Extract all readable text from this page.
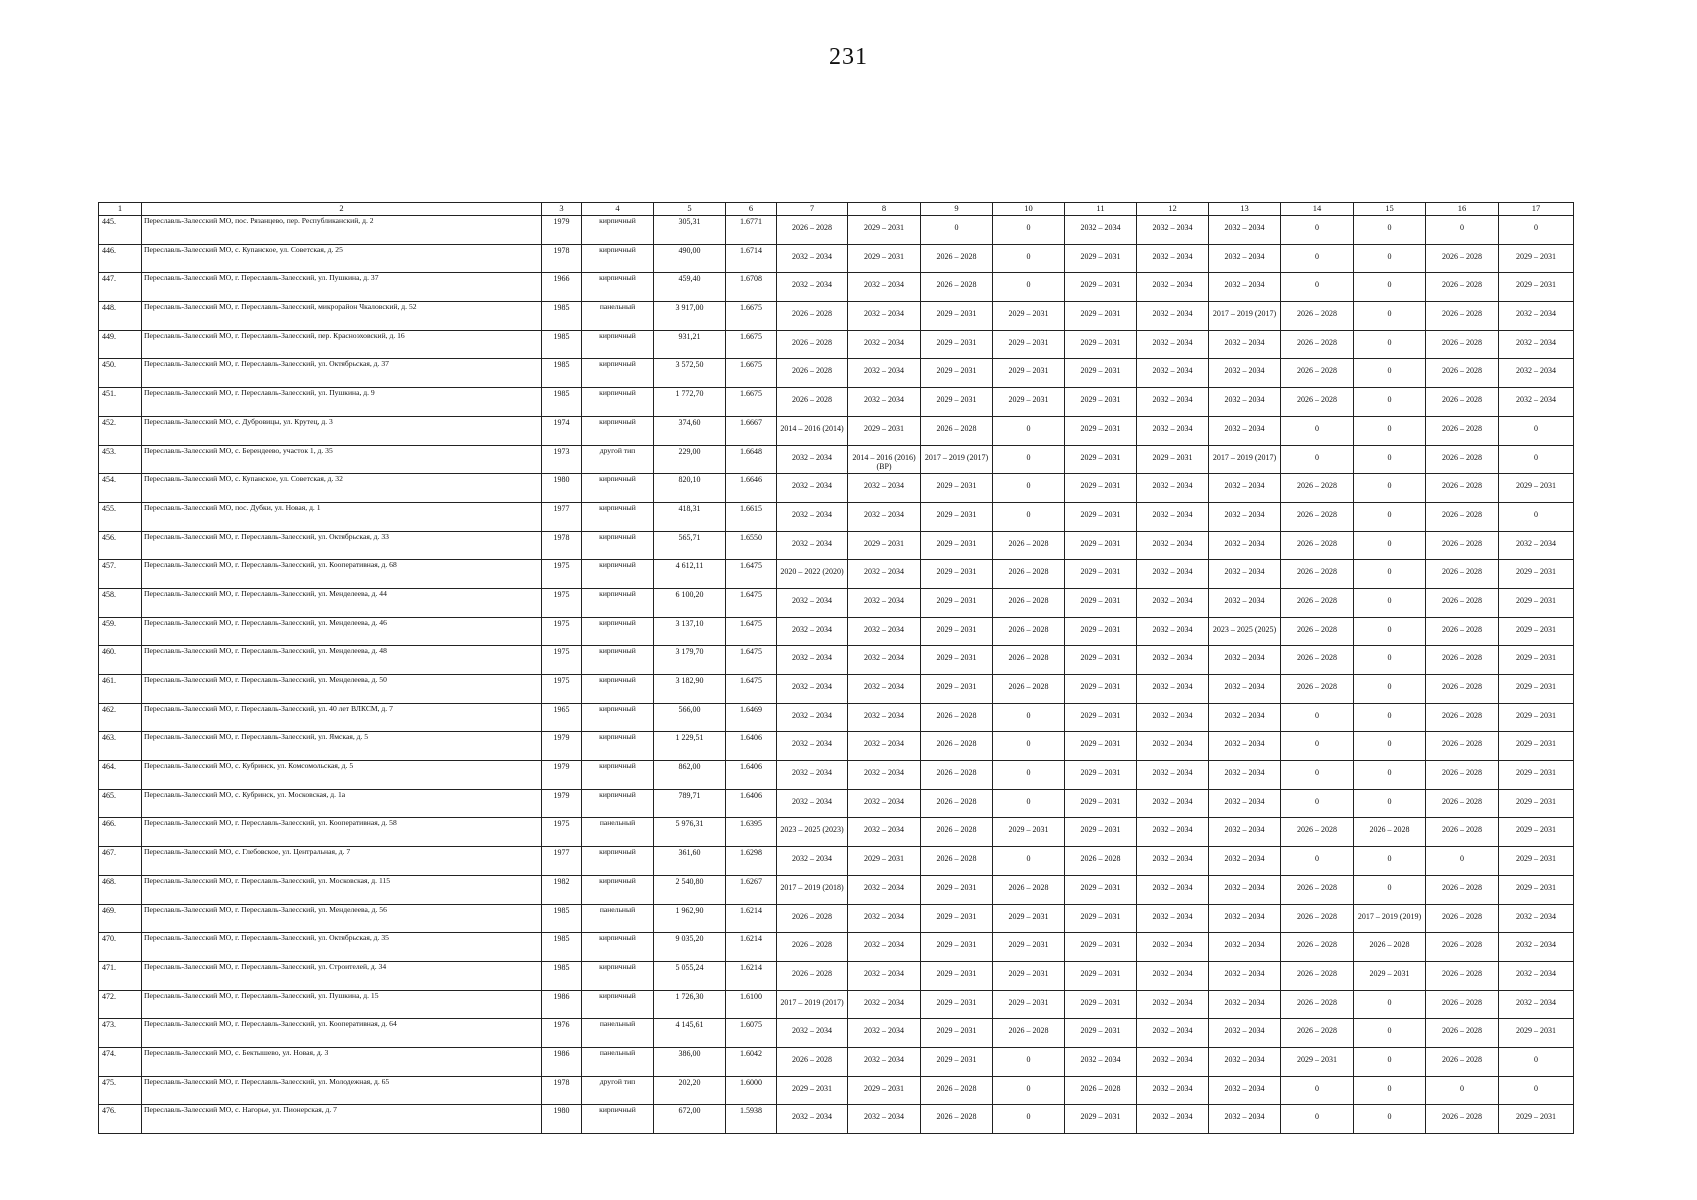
231
1	2	3	4	5	6	7	8	9	10	11	12	13	14	15	16	17
445.	Переславль-Залесский МО, пос. Рязанцево, пер. Республиканский, д. 2	1979	кирпичный	305,31	1.6771	2026 – 2028	2029 – 2031	0	0	2032 – 2034	2032 – 2034	2032 – 2034	0	0	0	0
446.	Переславль-Залесский МО, с. Купанское, ул. Советская, д. 25	1978	кирпичный	490,00	1.6714	2032 – 2034	2029 – 2031	2026 – 2028	0	2029 – 2031	2032 – 2034	2032 – 2034	0	0	2026 – 2028	2029 – 2031
447.	Переславль-Залесский МО, г. Переславль-Залесский, ул. Пушкина, д. 37	1966	кирпичный	459,40	1.6708	2032 – 2034	2032 – 2034	2026 – 2028	0	2029 – 2031	2032 – 2034	2032 – 2034	0	0	2026 – 2028	2029 – 2031
448.	Переславль-Залесский МО, г. Переславль-Залесский, микрорайон Чкаловский, д. 52	1985	панельный	3 917,00	1.6675	2026 – 2028	2032 – 2034	2029 – 2031	2029 – 2031	2029 – 2031	2032 – 2034	2017 – 2019 (2017)	2026 – 2028	0	2026 – 2028	2032 – 2034
449.	Переславль-Залесский МО, г. Переславль-Залесский, пер. Красноэховский, д. 16	1985	кирпичный	931,21	1.6675	2026 – 2028	2032 – 2034	2029 – 2031	2029 – 2031	2029 – 2031	2032 – 2034	2032 – 2034	2026 – 2028	0	2026 – 2028	2032 – 2034
450.	Переславль-Залесский МО, г. Переславль-Залесский, ул. Октябрьская, д. 37	1985	кирпичный	3 572,50	1.6675	2026 – 2028	2032 – 2034	2029 – 2031	2029 – 2031	2029 – 2031	2032 – 2034	2032 – 2034	2026 – 2028	0	2026 – 2028	2032 – 2034
451.	Переславль-Залесский МО, г. Переславль-Залесский, ул. Пушкина, д. 9	1985	кирпичный	1 772,70	1.6675	2026 – 2028	2032 – 2034	2029 – 2031	2029 – 2031	2029 – 2031	2032 – 2034	2032 – 2034	2026 – 2028	0	2026 – 2028	2032 – 2034
452.	Переславль-Залесский МО, с. Дубровицы, ул. Крутец, д. 3	1974	кирпичный	374,60	1.6667	2014 – 2016 (2014)	2029 – 2031	2026 – 2028	0	2029 – 2031	2032 – 2034	2032 – 2034	0	0	2026 – 2028	0
453.	Переславль-Залесский МО, с. Берендеево, участок 1, д. 35	1973	другой тип	229,00	1.6648	2032 – 2034	2014 – 2016 (2016) (ВР)	2017 – 2019 (2017)	0	2029 – 2031	2029 – 2031	2017 – 2019 (2017)	0	0	2026 – 2028	0
454.	Переславль-Залесский МО, с. Купанское, ул. Советская, д. 32	1980	кирпичный	820,10	1.6646	2032 – 2034	2032 – 2034	2029 – 2031	0	2029 – 2031	2032 – 2034	2032 – 2034	2026 – 2028	0	2026 – 2028	2029 – 2031
455.	Переславль-Залесский МО, пос. Дубки, ул. Новая, д. 1	1977	кирпичный	418,31	1.6615	2032 – 2034	2032 – 2034	2029 – 2031	0	2029 – 2031	2032 – 2034	2032 – 2034	2026 – 2028	0	2026 – 2028	0
456.	Переславль-Залесский МО, г. Переславль-Залесский, ул. Октябрьская, д. 33	1978	кирпичный	565,71	1.6550	2032 – 2034	2029 – 2031	2029 – 2031	2026 – 2028	2029 – 2031	2032 – 2034	2032 – 2034	2026 – 2028	0	2026 – 2028	2032 – 2034
457.	Переславль-Залесский МО, г. Переславль-Залесский, ул. Кооперативная, д. 68	1975	кирпичный	4 612,11	1.6475	2020 – 2022 (2020)	2032 – 2034	2029 – 2031	2026 – 2028	2029 – 2031	2032 – 2034	2032 – 2034	2026 – 2028	0	2026 – 2028	2029 – 2031
458.	Переславль-Залесский МО, г. Переславль-Залесский, ул. Менделеева, д. 44	1975	кирпичный	6 100,20	1.6475	2032 – 2034	2032 – 2034	2029 – 2031	2026 – 2028	2029 – 2031	2032 – 2034	2032 – 2034	2026 – 2028	0	2026 – 2028	2029 – 2031
459.	Переславль-Залесский МО, г. Переславль-Залесский, ул. Менделеева, д. 46	1975	кирпичный	3 137,10	1.6475	2032 – 2034	2032 – 2034	2029 – 2031	2026 – 2028	2029 – 2031	2032 – 2034	2023 – 2025 (2025)	2026 – 2028	0	2026 – 2028	2029 – 2031
460.	Переславль-Залесский МО, г. Переславль-Залесский, ул. Менделеева, д. 48	1975	кирпичный	3 179,70	1.6475	2032 – 2034	2032 – 2034	2029 – 2031	2026 – 2028	2029 – 2031	2032 – 2034	2032 – 2034	2026 – 2028	0	2026 – 2028	2029 – 2031
461.	Переславль-Залесский МО, г. Переславль-Залесский, ул. Менделеева, д. 50	1975	кирпичный	3 182,90	1.6475	2032 – 2034	2032 – 2034	2029 – 2031	2026 – 2028	2029 – 2031	2032 – 2034	2032 – 2034	2026 – 2028	0	2026 – 2028	2029 – 2031
462.	Переславль-Залесский МО, г. Переславль-Залесский, ул. 40 лет ВЛКСМ, д. 7	1965	кирпичный	566,00	1.6469	2032 – 2034	2032 – 2034	2026 – 2028	0	2029 – 2031	2032 – 2034	2032 – 2034	0	0	2026 – 2028	2029 – 2031
463.	Переславль-Залесский МО, г. Переславль-Залесский, ул. Ямская, д. 5	1979	кирпичный	1 229,51	1.6406	2032 – 2034	2032 – 2034	2026 – 2028	0	2029 – 2031	2032 – 2034	2032 – 2034	0	0	2026 – 2028	2029 – 2031
464.	Переславль-Залесский МО, с. Кубринск, ул. Комсомольская, д. 5	1979	кирпичный	862,00	1.6406	2032 – 2034	2032 – 2034	2026 – 2028	0	2029 – 2031	2032 – 2034	2032 – 2034	0	0	2026 – 2028	2029 – 2031
465.	Переславль-Залесский МО, с. Кубринск, ул. Московская, д. 1а	1979	кирпичный	789,71	1.6406	2032 – 2034	2032 – 2034	2026 – 2028	0	2029 – 2031	2032 – 2034	2032 – 2034	0	0	2026 – 2028	2029 – 2031
466.	Переславль-Залесский МО, г. Переславль-Залесский, ул. Кооперативная, д. 58	1975	панельный	5 976,31	1.6395	2023 – 2025 (2023)	2032 – 2034	2026 – 2028	2029 – 2031	2029 – 2031	2032 – 2034	2032 – 2034	2026 – 2028	2026 – 2028	2026 – 2028	2029 – 2031
467.	Переславль-Залесский МО, с. Глебовское, ул. Центральная, д. 7	1977	кирпичный	361,60	1.6298	2032 – 2034	2029 – 2031	2026 – 2028	0	2026 – 2028	2032 – 2034	2032 – 2034	0	0	0	2029 – 2031
468.	Переславль-Залесский МО, г. Переславль-Залесский, ул. Московская, д. 115	1982	кирпичный	2 540,80	1.6267	2017 – 2019 (2018)	2032 – 2034	2029 – 2031	2026 – 2028	2029 – 2031	2032 – 2034	2032 – 2034	2026 – 2028	0	2026 – 2028	2029 – 2031
469.	Переславль-Залесский МО, г. Переславль-Залесский, ул. Менделеева, д. 56	1985	панельный	1 962,90	1.6214	2026 – 2028	2032 – 2034	2029 – 2031	2029 – 2031	2029 – 2031	2032 – 2034	2032 – 2034	2026 – 2028	2017 – 2019 (2019)	2026 – 2028	2032 – 2034
470.	Переславль-Залесский МО, г. Переславль-Залесский, ул. Октябрьская, д. 35	1985	кирпичный	9 035,20	1.6214	2026 – 2028	2032 – 2034	2029 – 2031	2029 – 2031	2029 – 2031	2032 – 2034	2032 – 2034	2026 – 2028	2026 – 2028	2026 – 2028	2032 – 2034
471.	Переславль-Залесский МО, г. Переславль-Залесский, ул. Строителей, д. 34	1985	кирпичный	5 055,24	1.6214	2026 – 2028	2032 – 2034	2029 – 2031	2029 – 2031	2029 – 2031	2032 – 2034	2032 – 2034	2026 – 2028	2029 – 2031	2026 – 2028	2032 – 2034
472.	Переславль-Залесский МО, г. Переславль-Залесский, ул. Пушкина, д. 15	1986	кирпичный	1 726,30	1.6100	2017 – 2019 (2017)	2032 – 2034	2029 – 2031	2029 – 2031	2029 – 2031	2032 – 2034	2032 – 2034	2026 – 2028	0	2026 – 2028	2032 – 2034
473.	Переславль-Залесский МО, г. Переславль-Залесский, ул. Кооперативная, д. 64	1976	панельный	4 145,61	1.6075	2032 – 2034	2032 – 2034	2029 – 2031	2026 – 2028	2029 – 2031	2032 – 2034	2032 – 2034	2026 – 2028	0	2026 – 2028	2029 – 2031
474.	Переславль-Залесский МО, с. Бектышево, ул. Новая, д. 3	1986	панельный	386,00	1.6042	2026 – 2028	2032 – 2034	2029 – 2031	0	2032 – 2034	2032 – 2034	2032 – 2034	2029 – 2031	0	2026 – 2028	0
475.	Переславль-Залесский МО, г. Переславль-Залесский, ул. Молодежная, д. 65	1978	другой тип	202,20	1.6000	2029 – 2031	2029 – 2031	2026 – 2028	0	2026 – 2028	2032 – 2034	2032 – 2034	0	0	0	0
476.	Переславль-Залесский МО, с. Нагорье, ул. Пионерская, д. 7	1980	кирпичный	672,00	1.5938	2032 – 2034	2032 – 2034	2026 – 2028	0	2029 – 2031	2032 – 2034	2032 – 2034	0	0	2026 – 2028	2029 – 2031
